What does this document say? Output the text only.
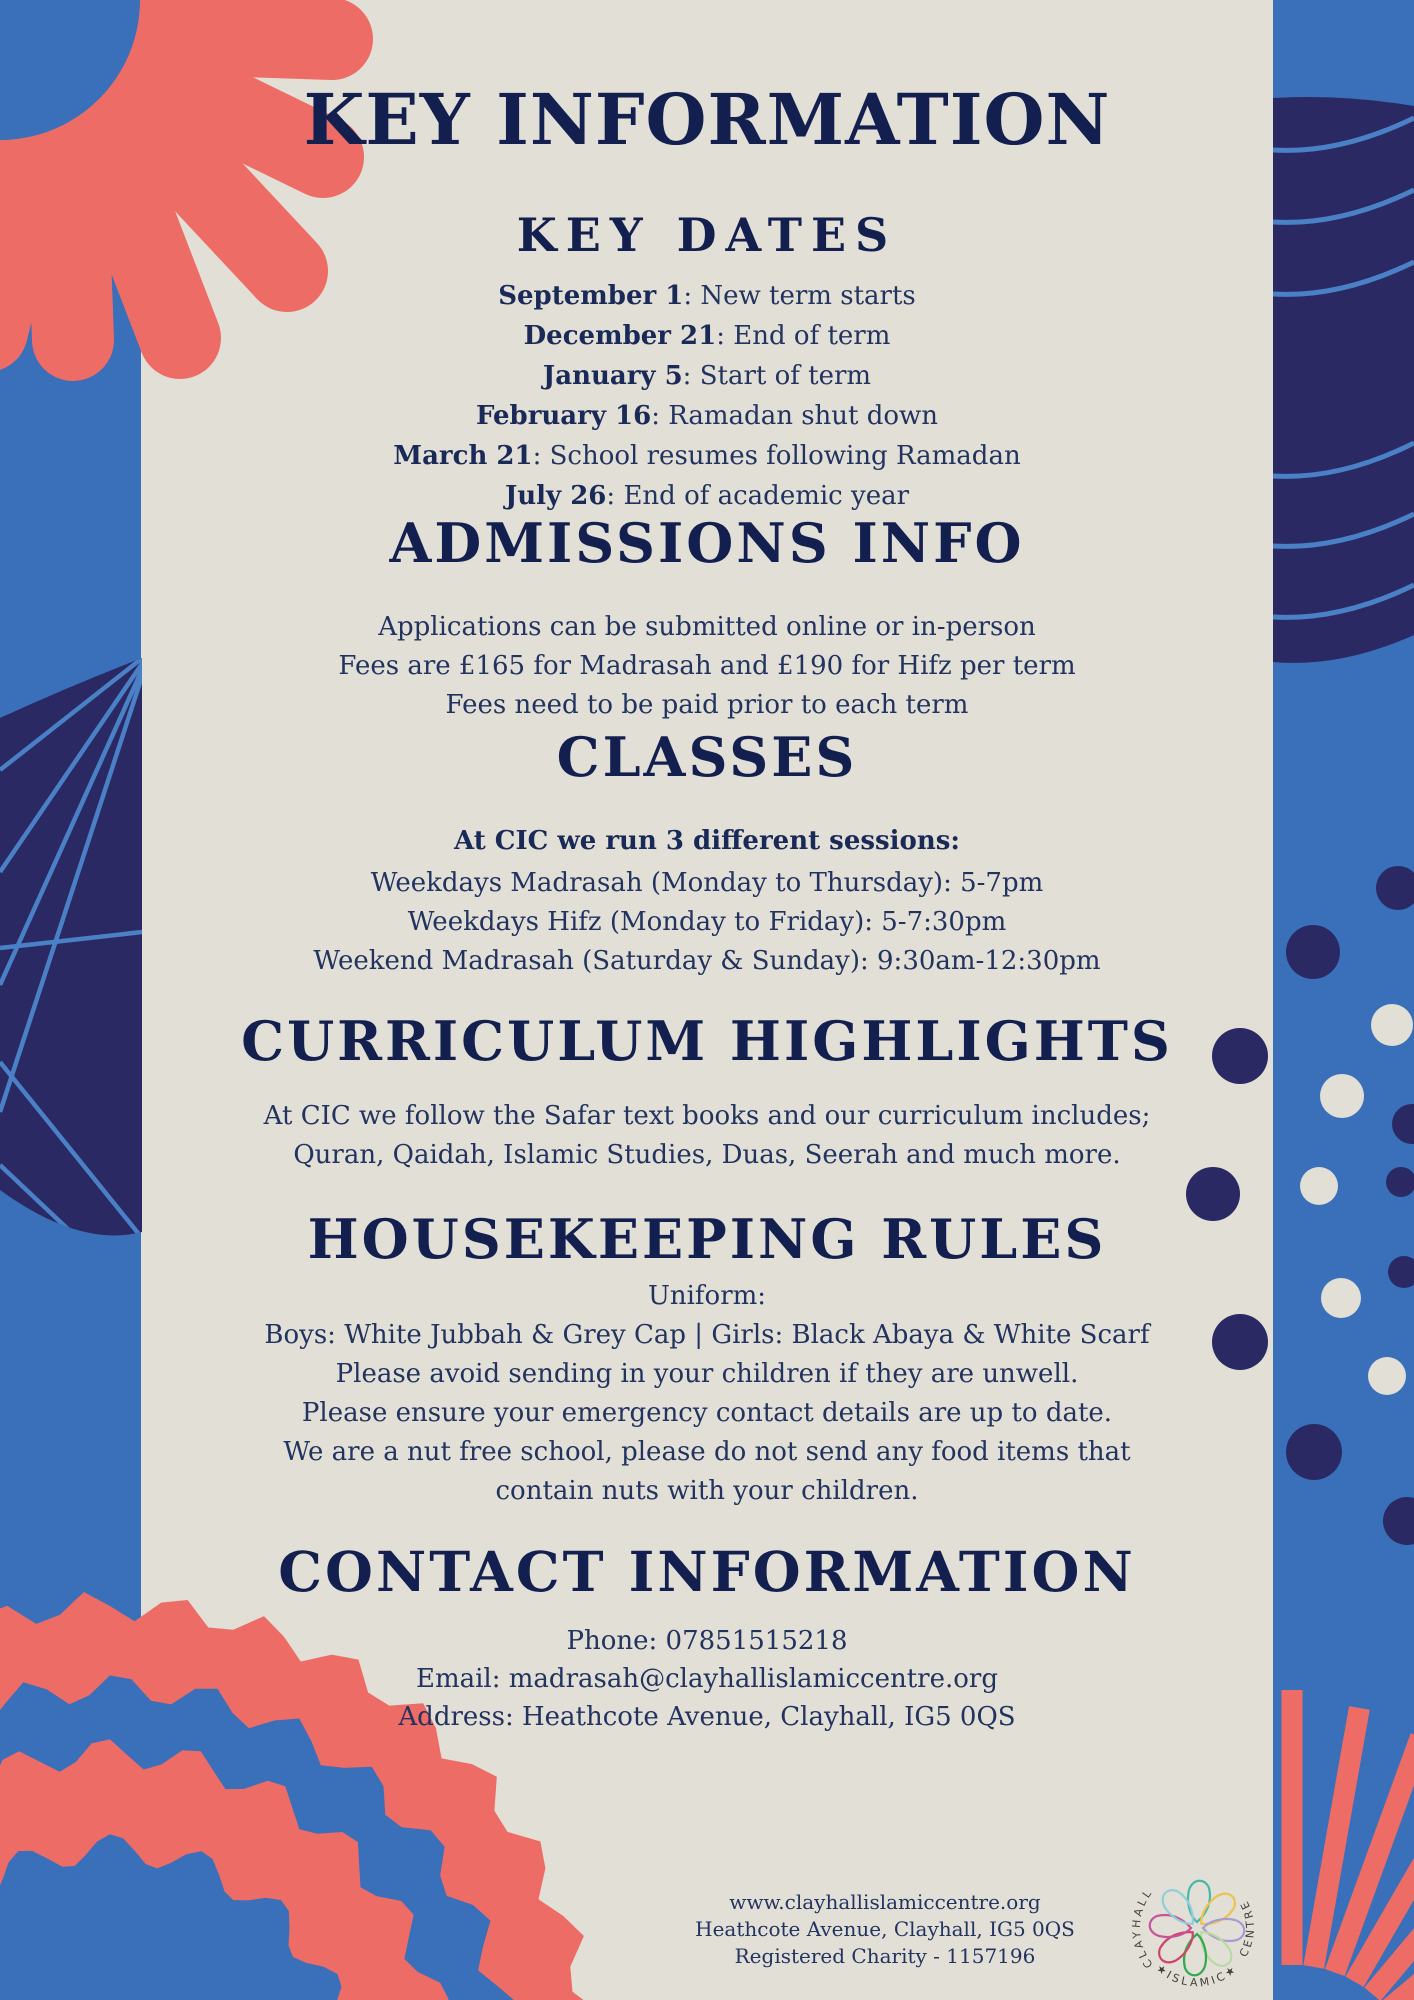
CLAYHALL
★ISLAMIC★
CENTRE
KEY INFORMATION
KEY DATES
September 1: New term starts
December 21: End of term
January 5: Start of term
February 16: Ramadan shut down
March 21: School resumes following Ramadan
July 26: End of academic year
ADMISSIONS INFO
Applications can be submitted online or in-person
Fees are £165 for Madrasah and £190 for Hifz per term
Fees need to be paid prior to each term
CLASSES
At CIC we run 3 different sessions:
Weekdays Madrasah (Monday to Thursday): 5-7pm
Weekdays Hifz (Monday to Friday): 5-7:30pm
Weekend Madrasah (Saturday & Sunday): 9:30am-12:30pm
CURRICULUM HIGHLIGHTS
At CIC we follow the Safar text books and our curriculum includes;
Quran, Qaidah, Islamic Studies, Duas, Seerah and much more.
HOUSEKEEPING RULES
Uniform:
Boys: White Jubbah & Grey Cap | Girls: Black Abaya & White Scarf
Please avoid sending in your children if they are unwell.
Please ensure your emergency contact details are up to date.
We are a nut free school, please do not send any food items that
contain nuts with your children.
CONTACT INFORMATION
Phone: 07851515218
Email: madrasah@clayhallislamiccentre.org
Address: Heathcote Avenue, Clayhall, IG5 0QS
www.clayhallislamiccentre.org
Heathcote Avenue, Clayhall, IG5 0QS
Registered Charity - 1157196
